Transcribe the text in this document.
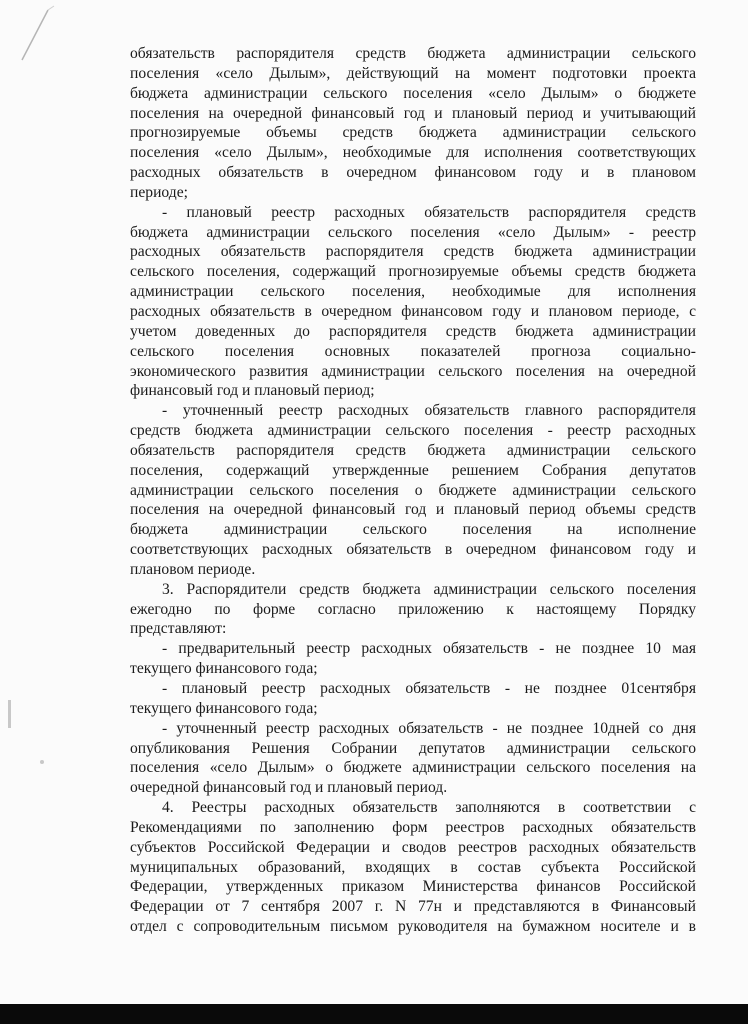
обязательств распорядителя средств бюджета администрации сельского
поселения «село Дылым», действующий на момент подготовки проекта
бюджета администрации сельского поселения «село Дылым» о бюджете
поселения на очередной финансовый год и плановый период и учитывающий
прогнозируемые объемы средств бюджета администрации сельского
поселения «село Дылым», необходимые для исполнения соответствующих
расходных обязательств в очередном финансовом году и в плановом
периоде;
- плановый реестр расходных обязательств распорядителя средств
бюджета администрации сельского поселения «село Дылым» - реестр
расходных обязательств распорядителя средств бюджета администрации
сельского поселения, содержащий прогнозируемые объемы средств бюджета
администрации сельского поселения, необходимые для исполнения
расходных обязательств в очередном финансовом году и плановом периоде, с
учетом доведенных до распорядителя средств бюджета администрации
сельского поселения основных показателей прогноза социально-
экономического развития администрации сельского поселения на очередной
финансовый год и плановый период;
- уточненный реестр расходных обязательств главного распорядителя
средств бюджета администрации сельского поселения - реестр расходных
обязательств распорядителя средств бюджета администрации сельского
поселения, содержащий утвержденные решением Собрания депутатов
администрации сельского поселения о бюджете администрации сельского
поселения на очередной финансовый год и плановый период объемы средств
бюджета администрации сельского поселения на исполнение
соответствующих расходных обязательств в очередном финансовом году и
плановом периоде.
3. Распорядители средств бюджета администрации сельского поселения
ежегодно по форме согласно приложению к настоящему Порядку
представляют:
- предварительный реестр расходных обязательств - не позднее 10 мая
текущего финансового года;
- плановый реестр расходных обязательств - не позднее 01сентября
текущего финансового года;
- уточненный реестр расходных обязательств - не позднее 10дней со дня
опубликования Решения Собрании депутатов администрации сельского
поселения «село Дылым» о бюджете администрации сельского поселения на
очередной финансовый год и плановый период.
4. Реестры расходных обязательств заполняются в соответствии с
Рекомендациями по заполнению форм реестров расходных обязательств
субъектов Российской Федерации и сводов реестров расходных обязательств
муниципальных образований, входящих в состав субъекта Российской
Федерации, утвержденных приказом Министерства финансов Российской
Федерации от 7 сентября 2007 г. N 77н и представляются в Финансовый
отдел с сопроводительным письмом руководителя на бумажном носителе и в
